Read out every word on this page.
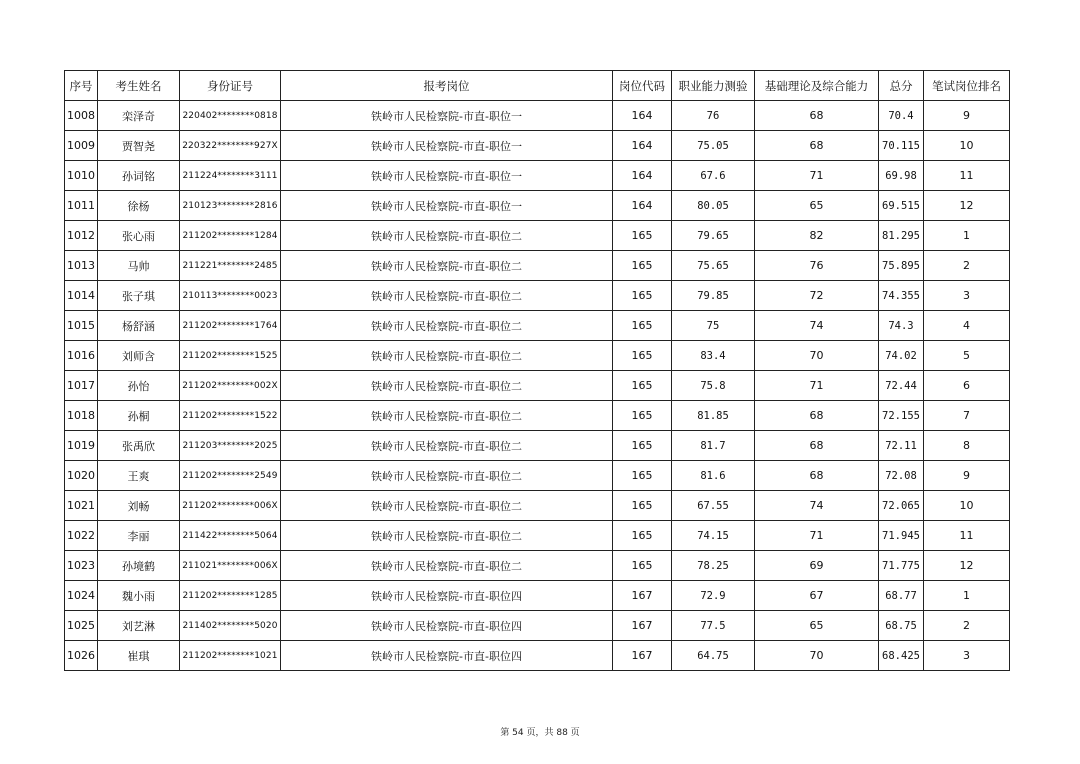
序号	考生姓名	身份证号	报考岗位	岗位代码	职业能力测验	基础理论及综合能力	总分	笔试岗位排名
1008	栾泽奇	220402********0818	铁岭市人民检察院-市直-职位一	164	76	68	70.4	9
1009	贾智尧	220322********927X	铁岭市人民检察院-市直-职位一	164	75.05	68	70.115	10
1010	孙词铭	211224********3111	铁岭市人民检察院-市直-职位一	164	67.6	71	69.98	11
1011	徐杨	210123********2816	铁岭市人民检察院-市直-职位一	164	80.05	65	69.515	12
1012	张心雨	211202********1284	铁岭市人民检察院-市直-职位二	165	79.65	82	81.295	1
1013	马帅	211221********2485	铁岭市人民检察院-市直-职位二	165	75.65	76	75.895	2
1014	张子琪	210113********0023	铁岭市人民检察院-市直-职位二	165	79.85	72	74.355	3
1015	杨舒涵	211202********1764	铁岭市人民检察院-市直-职位二	165	75	74	74.3	4
1016	刘师含	211202********1525	铁岭市人民检察院-市直-职位二	165	83.4	70	74.02	5
1017	孙怡	211202********002X	铁岭市人民检察院-市直-职位二	165	75.8	71	72.44	6
1018	孙桐	211202********1522	铁岭市人民检察院-市直-职位二	165	81.85	68	72.155	7
1019	张禹欣	211203********2025	铁岭市人民检察院-市直-职位二	165	81.7	68	72.11	8
1020	王爽	211202********2549	铁岭市人民检察院-市直-职位二	165	81.6	68	72.08	9
1021	刘畅	211202********006X	铁岭市人民检察院-市直-职位二	165	67.55	74	72.065	10
1022	李丽	211422********5064	铁岭市人民检察院-市直-职位二	165	74.15	71	71.945	11
1023	孙境鹤	211021********006X	铁岭市人民检察院-市直-职位二	165	78.25	69	71.775	12
1024	魏小雨	211202********1285	铁岭市人民检察院-市直-职位四	167	72.9	67	68.77	1
1025	刘艺淋	211402********5020	铁岭市人民检察院-市直-职位四	167	77.5	65	68.75	2
1026	崔琪	211202********1021	铁岭市人民检察院-市直-职位四	167	64.75	70	68.425	3
第 54 页，共 88 页
